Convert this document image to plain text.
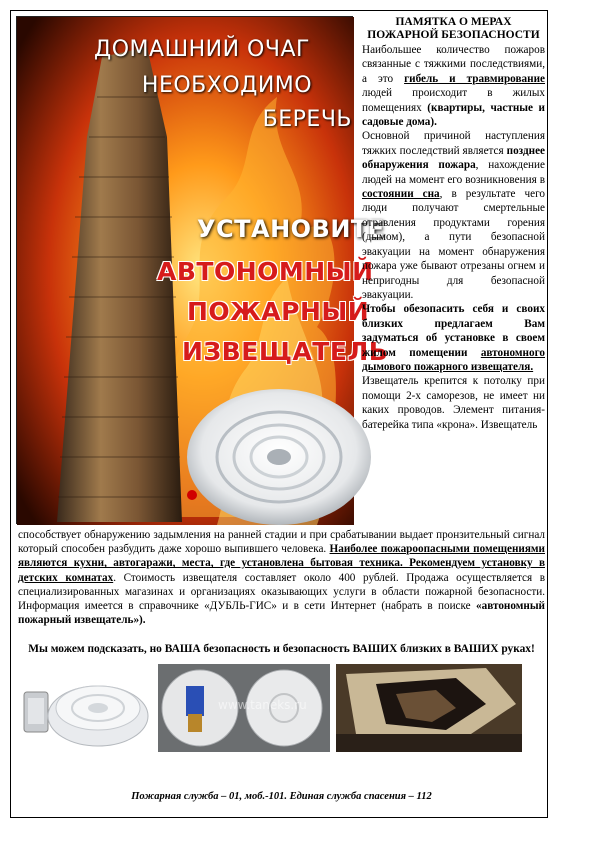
ДОМАШНИЙ ОЧАГ
НЕОБХОДИМО
БЕРЕЧЬ
УСТАНОВИТЕ
АВТОНОМНЫЙ
ПОЖАРНЫЙ
ИЗВЕЩАТЕЛЬ
ПАМЯТКА О МЕРАХ ПОЖАРНОЙ БЕЗОПАСНОСТИ

Наибольшее количество пожаров связанные с тяжкими последствиями, а это гибель и травмирование людей происходит в жилых помещениях (квартиры, частные и садовые дома).

Основной причиной наступления тяжких последствий является позднее обнаружения пожара, нахождение людей на момент его возникновения в состоянии сна, в результате чего люди получают смертельные отравления продуктами горения (дымом), а пути безопасной эвакуации на момент обнаружения пожара уже бывают отрезаны огнем и непригодны для безопасной эвакуации.

Чтобы обезопасить себя и своих близких предлагаем Вам задуматься об установке в своем жилом помещении автономного дымового пожарного извещателя.

Извещатель крепится к потолку при помощи 2-х саморезов, не имеет ни каких проводов. Элемент питания- батерейка типа «крона». Извещатель

способствует обнаружению задымления на ранней стадии и при срабатывании выдает пронзительный сигнал который способен разбудить даже хорошо выпившего человека. Наиболее пожароопасными помещениями являются кухни, автогаражи, места, где установлена бытовая техника. Рекомендуем установку в детских комнатах. Стоимость извещателя составляет около 400 рублей. Продажа осуществляется в специализированных магазинах и организациях оказывающих услуги в области пожарной безопасности. Информация имеется в справочнике «ДУБЛЬ-ГИС» и в сети Интернет (набрать в поиске «автономный пожарный извещатель»).
Мы можем подсказать, но ВАША безопасность и безопасность ВАШИХ близких в ВАШИХ руках!
www.taneks.ru
Пожарная служба – 01, моб.-101. Единая служба спасения – 112
